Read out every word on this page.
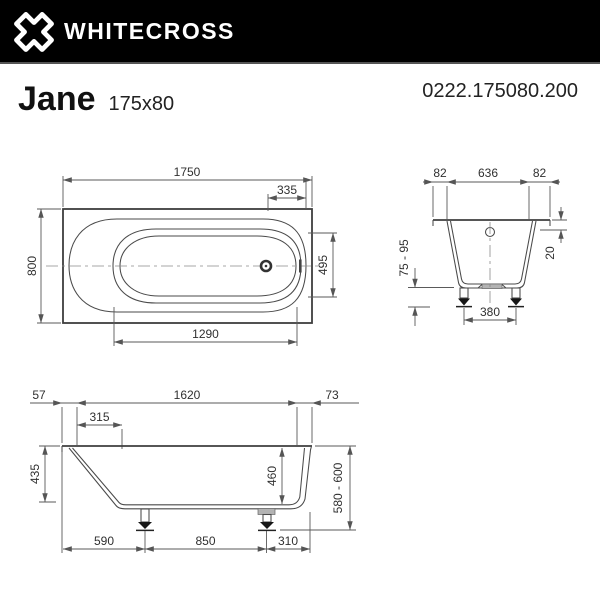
WHITECROSS
Jane 175x80
0222.175080.200
1750
335
800	495
1290
82	636	82
20
75 - 95
380
57	1620	73
315
435	460	580 - 600
590	850	310
